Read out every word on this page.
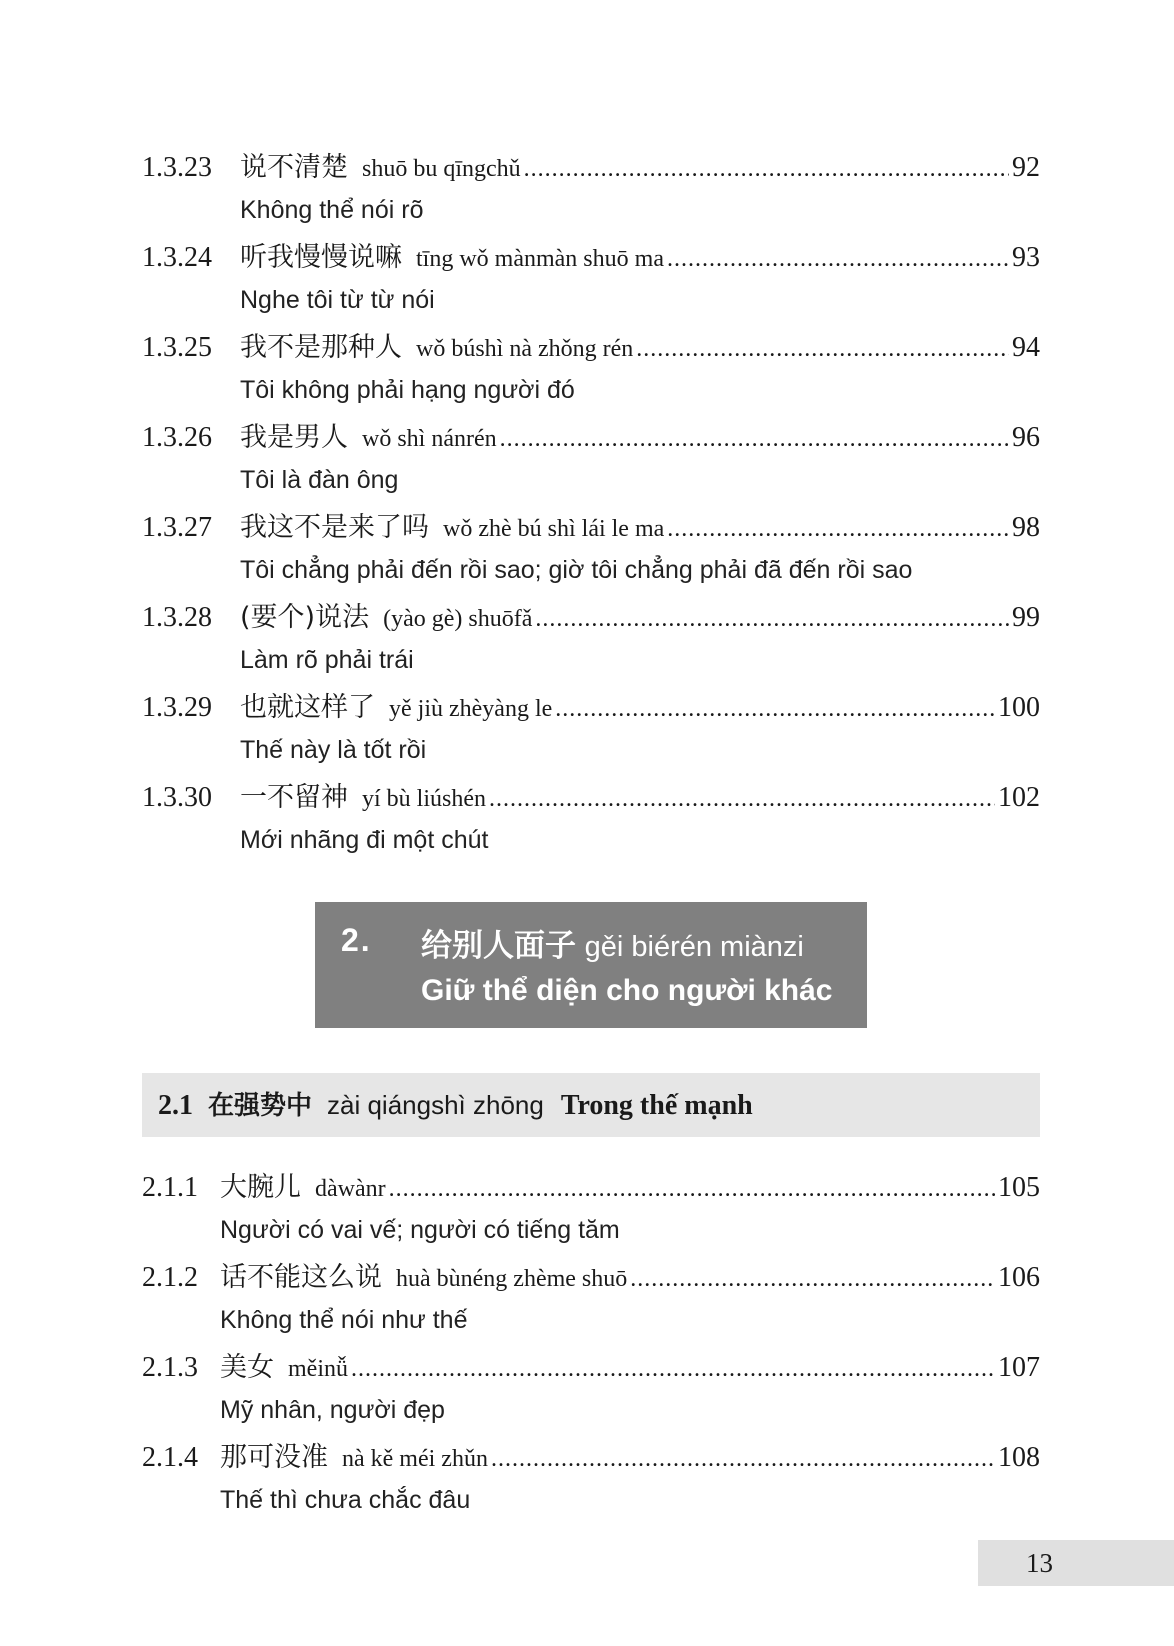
1.3.23	说不清楚 shuō bu qīngchǔ .....	92
Không thể nói rõ
1.3.24	听我慢慢说嘛 tīng wǒ mànmàn shuō ma .....	93
Nghe tôi từ từ nói
1.3.25	我不是那种人 wǒ búshì nà zhǒng rén .....	94
Tôi không phải hạng người đó
1.3.26	我是男人 wǒ shì nánrén .....	96
Tôi là đàn ông
1.3.27	我这不是来了吗 wǒ zhè bú shì lái le ma .....	98
Tôi chẳng phải đến rồi sao; giờ tôi chẳng phải đã đến rồi sao
1.3.28	(要个)说法 (yào gè) shuōfǎ .....	99
Làm rõ phải trái
1.3.29	也就这样了 yě jiù zhèyàng le .....	100
Thế này là tốt rồi
1.3.30	一不留神 yí bù liúshén .....	102
Mới nhãng đi một chút
2. 给别人面子 gěi biérén miànzi
Giữ thể diện cho người khác
2.1 在强势中 zài qiángshì zhōng Trong thế mạnh
2.1.1 大腕儿 dàwànr .....	105
Người có vai vế; người có tiếng tăm
2.1.2 话不能这么说 huà bùnéng zhème shuō .....	106
Không thể nói như thế
2.1.3 美女 měinǚ .....	107
Mỹ nhân, người đẹp
2.1.4 那可没准 nà kě méi zhǔn .....	108
Thế thì chưa chắc đâu
13
